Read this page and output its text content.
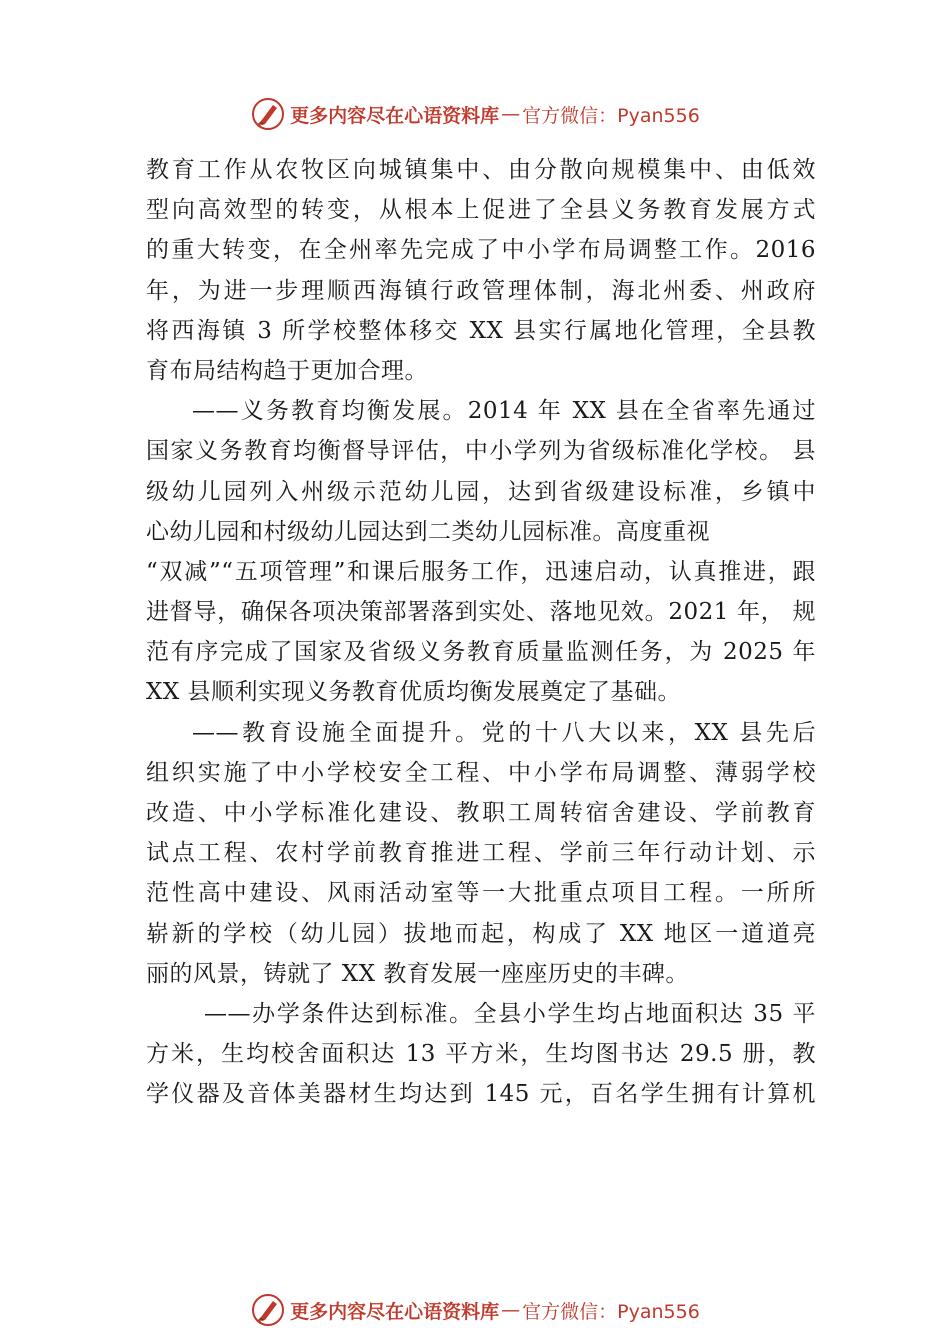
更多内容尽在心语资料库 — 官方微信：Pyan556
教育工作从农牧区向城镇集中、由分散向规模集中、由低效
型向高效型的转变，从根本上促进了全县义务教育发展方式
的重大转变，在全州率先完成了中小学布局调整工作。2016
年，为进一步理顺西海镇行政管理体制，海北州委、州政府
将西海镇 3 所学校整体移交 XX 县实行属地化管理，全县教
育布局结构趋于更加合理。
——义务教育均衡发展。2014 年 XX 县在全省率先通过
国家义务教育均衡督导评估，中小学列为省级标准化学校。 县
级幼儿园列入州级示范幼儿园，达到省级建设标准，乡镇中
心幼儿园和村级幼儿园达到二类幼儿园标准。高度重视
“双减”“五项管理”和课后服务工作，迅速启动，认真推进，跟
进督导，确保各项决策部署落到实处、落地见效。2021 年， 规
范有序完成了国家及省级义务教育质量监测任务，为 2025 年
XX 县顺利实现义务教育优质均衡发展奠定了基础。
——教育设施全面提升。党的十八大以来，XX 县先后
组织实施了中小学校安全工程、中小学布局调整、薄弱学校
改造、中小学标准化建设、教职工周转宿舍建设、学前教育
试点工程、农村学前教育推进工程、学前三年行动计划、示
范性高中建设、风雨活动室等一大批重点项目工程。一所所
崭新的学校（幼儿园）拔地而起，构成了 XX 地区一道道亮
丽的风景，铸就了 XX 教育发展一座座历史的丰碑。
——办学条件达到标准。全县小学生均占地面积达 35 平
方米，生均校舍面积达 13 平方米，生均图书达 29.5 册，教
学仪器及音体美器材生均达到 145 元，百名学生拥有计算机
更多内容尽在心语资料库 — 官方微信：Pyan556
